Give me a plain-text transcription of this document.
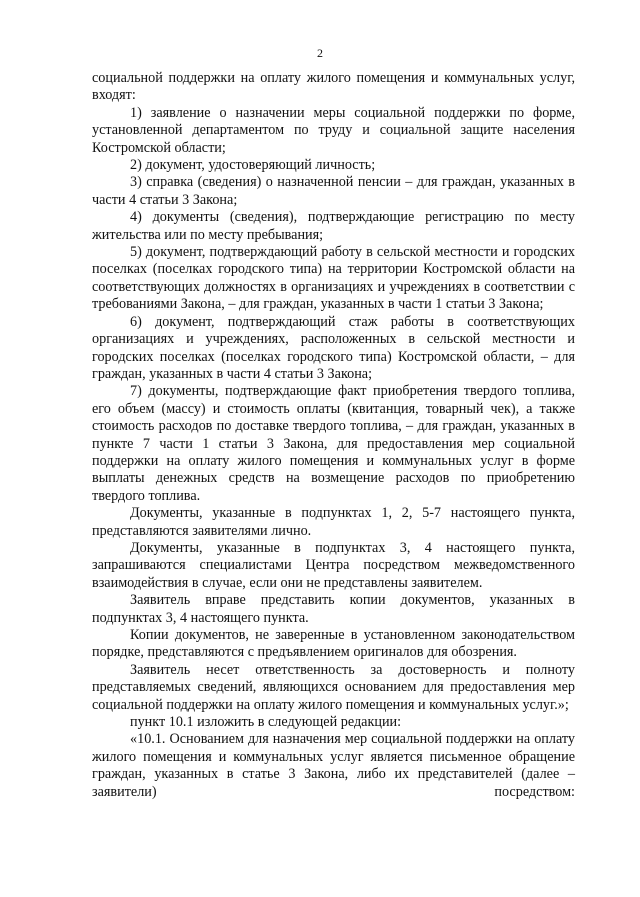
2

социальной поддержки на оплату жилого помещения и коммунальных услуг, входят:

1) заявление о назначении меры социальной поддержки по форме, установленной департаментом по труду и социальной защите населения Костромской области;

2) документ, удостоверяющий личность;

3) справка (сведения) о назначенной пенсии – для граждан, указанных в части 4 статьи 3 Закона;

4) документы (сведения), подтверждающие регистрацию по месту жительства или по месту пребывания;

5) документ, подтверждающий работу в сельской местности и городских поселках (поселках городского типа) на территории Костромской области на соответствующих должностях в организациях и учреждениях в соответствии с требованиями Закона, – для граждан, указанных в части 1 статьи 3 Закона;

6) документ, подтверждающий стаж работы в соответствующих организациях и учреждениях, расположенных в сельской местности и городских поселках (поселках городского типа) Костромской области, – для граждан, указанных в части 4 статьи 3 Закона;

7) документы, подтверждающие факт приобретения твердого топлива, его объем (массу) и стоимость оплаты (квитанция, товарный чек), а также стоимость расходов по доставке твердого топлива, – для граждан, указанных в пункте 7 части 1 статьи 3 Закона, для предоставления мер социальной поддержки на оплату жилого помещения и коммунальных услуг в форме выплаты денежных средств на возмещение расходов по приобретению твердого топлива.

Документы, указанные в подпунктах 1, 2, 5-7 настоящего пункта, представляются заявителями лично.

Документы, указанные в подпунктах 3, 4 настоящего пункта, запрашиваются специалистами Центра посредством межведомственного взаимодействия в случае, если они не представлены заявителем.

Заявитель вправе представить копии документов, указанных в подпунктах 3, 4 настоящего пункта.

Копии документов, не заверенные в установленном законодательством порядке, представляются с предъявлением оригиналов для обозрения.

Заявитель несет ответственность за достоверность и полноту представляемых сведений, являющихся основанием для предоставления мер социальной поддержки на оплату жилого помещения и коммунальных услуг.»;

пункт 10.1 изложить в следующей редакции:

«10.1. Основанием для назначения мер социальной поддержки на оплату жилого помещения и коммунальных услуг является письменное обращение граждан, указанных в статье 3 Закона, либо их представителей (далее – заявители) посредством:
